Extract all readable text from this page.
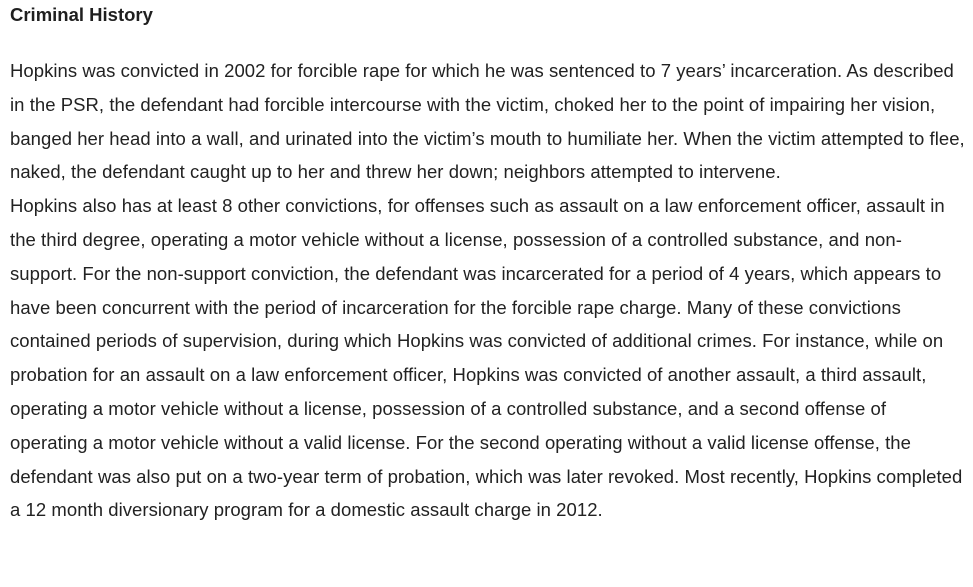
Criminal History

Hopkins was convicted in 2002 for forcible rape for which he was sentenced to 7 years’ incarceration. As described in the PSR, the defendant had forcible intercourse with the victim, choked her to the point of impairing her vision, banged her head into a wall, and urinated into the victim’s mouth to humiliate her. When the victim attempted to flee, naked, the defendant caught up to her and threw her down; neighbors attempted to intervene.

Hopkins also has at least 8 other convictions, for offenses such as assault on a law enforcement officer, assault in the third degree, operating a motor vehicle without a license, possession of a controlled substance, and non-support. For the non-support conviction, the defendant was incarcerated for a period of 4 years, which appears to have been concurrent with the period of incarceration for the forcible rape charge. Many of these convictions contained periods of supervision, during which Hopkins was convicted of additional crimes. For instance, while on probation for an assault on a law enforcement officer, Hopkins was convicted of another assault, a third assault, operating a motor vehicle without a license, possession of a controlled substance, and a second offense of operating a motor vehicle without a valid license. For the second operating without a valid license offense, the defendant was also put on a two-year term of probation, which was later revoked. Most recently, Hopkins completed a 12 month diversionary program for a domestic assault charge in 2012.
